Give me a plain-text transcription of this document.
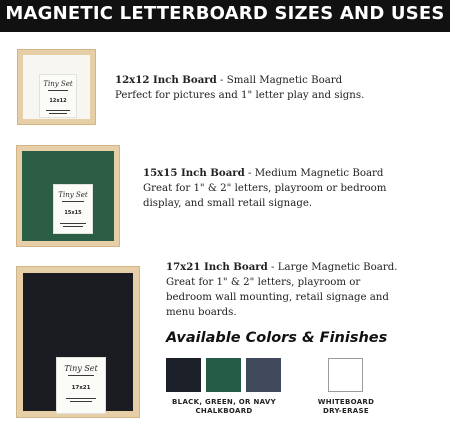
MAGNETIC LETTERBOARD SIZES AND USES
Tiny Set
12x12
12x12 Inch Board - Small Magnetic Board
Perfect for pictures and 1" letter play and signs.
Tiny Set
15x15
15x15 Inch Board - Medium Magnetic Board
Great for 1" & 2" letters, playroom or bedroom display, and small retail signage.
Tiny Set
17x21
17x21 Inch Board - Large Magnetic Board.
Great for 1" & 2" letters, playroom or bedroom wall mounting, retail signage and menu boards.
Available Colors & Finishes
BLACK, GREEN, OR NAVY
CHALKBOARD
WHITEBOARD
DRY-ERASE
